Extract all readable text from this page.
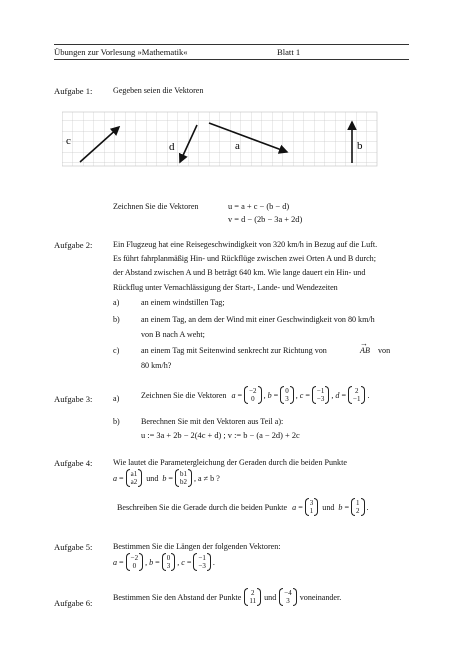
Übungen zur Vorlesung »Mathematik«	Blatt 1
Aufgabe 1:	Gegeben seien die Vektoren
c	d	a	b
Zeichnen Sie die Vektoren	u = a + c − (b − d)
v = d − (2b − 3a + 2d)
Aufgabe 2:	Ein Flugzeug hat eine Reisegeschwindigkeit von 320 km/h in Bezug auf die Luft.
Es führt fahrplanmäßig Hin- und Rückflüge zwischen zwei Orten A und B durch;
der Abstand zwischen A und B beträgt 640 km. Wie lange dauert ein Hin- und
Rückflug unter Vernachlässigung der Start-, Lande- und Wendezeiten
a)	an einem windstillen Tag;
b)	an einem Tag, an dem der Wind mit einer Geschwindigkeit von 80 km/h
von B nach A weht;
c)	an einem Tag mit Seitenwind senkrecht zur Richtung von
→
AB von
80 km/h?
Aufgabe 3:	a)	Zeichnen Sie die Vektoren a = −2
0 , b = 0
3 , c = −1
−3 , d = 2
−1 .
b)	Berechnen Sie mit den Vektoren aus Teil a):
u := 3a + 2b − 2(4c + d) ; v := b − (a − 2d) + 2c
Aufgabe 4:	Wie lautet die Parametergleichung der Geraden durch die beiden Punkte
a = a1
a2 und b = b1
b2 , a ≠ b ?
Beschreiben Sie die Gerade durch die beiden Punkte a = 3
1 und b = 1
2 .
Aufgabe 5:	Bestimmen Sie die Längen der folgenden Vektoren:
a = −2
0 , b = 0
3 , c = −1
−3 .
Aufgabe 6:
Bestimmen Sie den Abstand der Punkte 2
11 und −4
3 voneinander.
